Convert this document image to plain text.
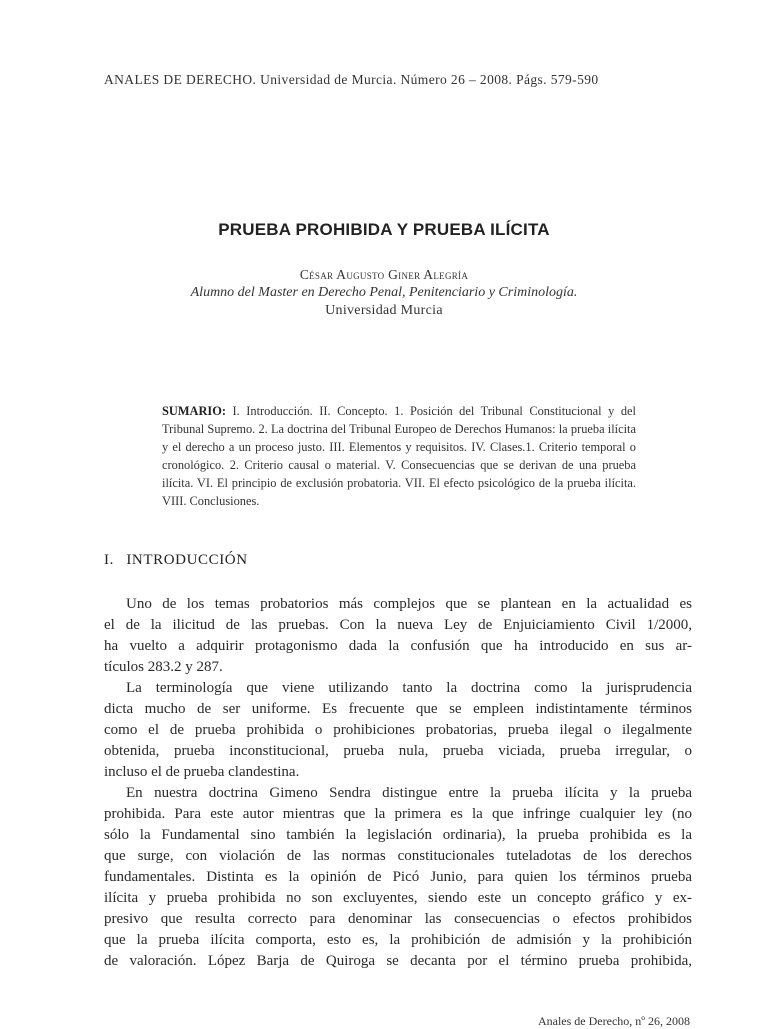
ANALES DE DERECHO. Universidad de Murcia. Número 26 – 2008. Págs. 579-590
PRUEBA PROHIBIDA Y PRUEBA ILÍCITA
César Augusto Giner Alegría
Alumno del Master en Derecho Penal, Penitenciario y Criminología.
Universidad Murcia
SUMARIO: I. Introducción. II. Concepto. 1. Posición del Tribunal Constitucional y del Tribunal Supremo. 2. La doctrina del Tribunal Europeo de Derechos Humanos: la prueba ilícita y el derecho a un proceso justo. III. Elementos y requisitos. IV. Clases.1. Criterio temporal o cronológico. 2. Criterio causal o material. V. Consecuencias que se derivan de una prueba ilícita. VI. El principio de exclusión probatoria. VII. El efecto psicológico de la prueba ilícita. VIII. Conclusiones.
I. INTRODUCCIÓN
Uno de los temas probatorios más complejos que se plantean en la actualidad es
el de la ilicitud de las pruebas. Con la nueva Ley de Enjuiciamiento Civil 1/2000,
ha vuelto a adquirir protagonismo dada la confusión que ha introducido en sus ar-
tículos 283.2 y 287.
La terminología que viene utilizando tanto la doctrina como la jurisprudencia
dicta mucho de ser uniforme. Es frecuente que se empleen indistintamente términos
como el de prueba prohibida o prohibiciones probatorias, prueba ilegal o ilegalmente
obtenida, prueba inconstitucional, prueba nula, prueba viciada, prueba irregular, o
incluso el de prueba clandestina.
En nuestra doctrina Gimeno Sendra distingue entre la prueba ilícita y la prueba
prohibida. Para este autor mientras que la primera es la que infringe cualquier ley (no
sólo la Fundamental sino también la legislación ordinaria), la prueba prohibida es la
que surge, con violación de las normas constitucionales tuteladotas de los derechos
fundamentales. Distinta es la opinión de Picó Junio, para quien los términos prueba
ilícita y prueba prohibida no son excluyentes, siendo este un concepto gráfico y ex-
presivo que resulta correcto para denominar las consecuencias o efectos prohibidos
que la prueba ilícita comporta, esto es, la prohibición de admisión y la prohibición
de valoración. López Barja de Quiroga se decanta por el término prueba prohibida,
Anales de Derecho, nº 26, 2008
